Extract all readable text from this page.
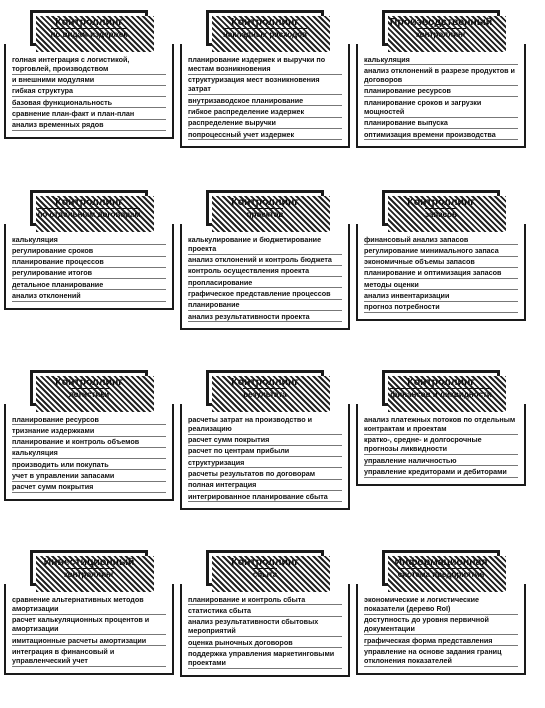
Контроллинг
по видам издержек
голная интеграция с логистикой, торговлей, производством
и внешними модулями
гибкая структура
базовая функциональность
сравнение план-факт и план-план
анализ временных рядов
Контроллинг
накладных расходов
планирование издержек и выручки по местам возникновения
структуризация мест возникновения затрат
внутризаводское планирование
гибкое распределение издержек
распределение выручки
попроцессный учет издержек
Производственный
контроллинг
калькуляция
анализ отклонений в разрезе продуктов и договоров
планирование ресурсов
планирование сроков и загрузки мощностей
планирование выпуска
оптимизация времени производства
Контроллинг
по отдельным договорам
калькуляция
регулирование сроков
планирование процессов
регулирование итогов
детальное планирование
анализ отклонений
Контроллинг
проектов
калькулирование и бюджетирование проекта
анализ отклонений и контроль бюджета
контроль осуществления проекта
пропласирование
графическое представление процессов
планирование
анализ результативности проекта
Контроллинг
запасов
финансовый анализ запасов
регулирование минимального запаса
экономичные объемы запасов
планирование и оптимизация запасов
методы оценки
анализ инвентаризации
прогноз потребности
Контроллинг
логистики
планирование ресурсов
тризнание издержками
планирование и контроль объемов
калькуляция
производить или покупать
учет в управлении запасами
расчет сумм покрытия
Контроллинг
результата
расчеты затрат на производство и реализацию
расчет сумм покрытия
расчет по центрам прибыли
структуризация
расчеты результатов по договорам
полная интеграция
интегрированное планирование сбыта
Контроллинг
финансов и ликвидности
анализ платежных потоков по отдельным контрактам и проектам
кратко-, средне- и долгосрочные прогнозы ликвидности
управление наличностью
управление кредиторами и дебиторами
Инвестиционный
контроллинг
сравнение альтернативных методов амортизации
расчет калькуляционных процентов и амортизации
имитационные расчеты амортизации
интеграция в финансовый и управленческий учет
Контроллинг
сбыта
планирование и контроль сбыта
статистика сбыта
анализ результативности сбытовых мероприятий
оценка рыночных договоров
поддержка управления маркетинговыми проектами
Информационная
система предприятия
экономические и логистические показатели (дерево RoI)
доступность до уровня первичной документации
графическая форма представления
управление на основе задания границ отклонения показателей
